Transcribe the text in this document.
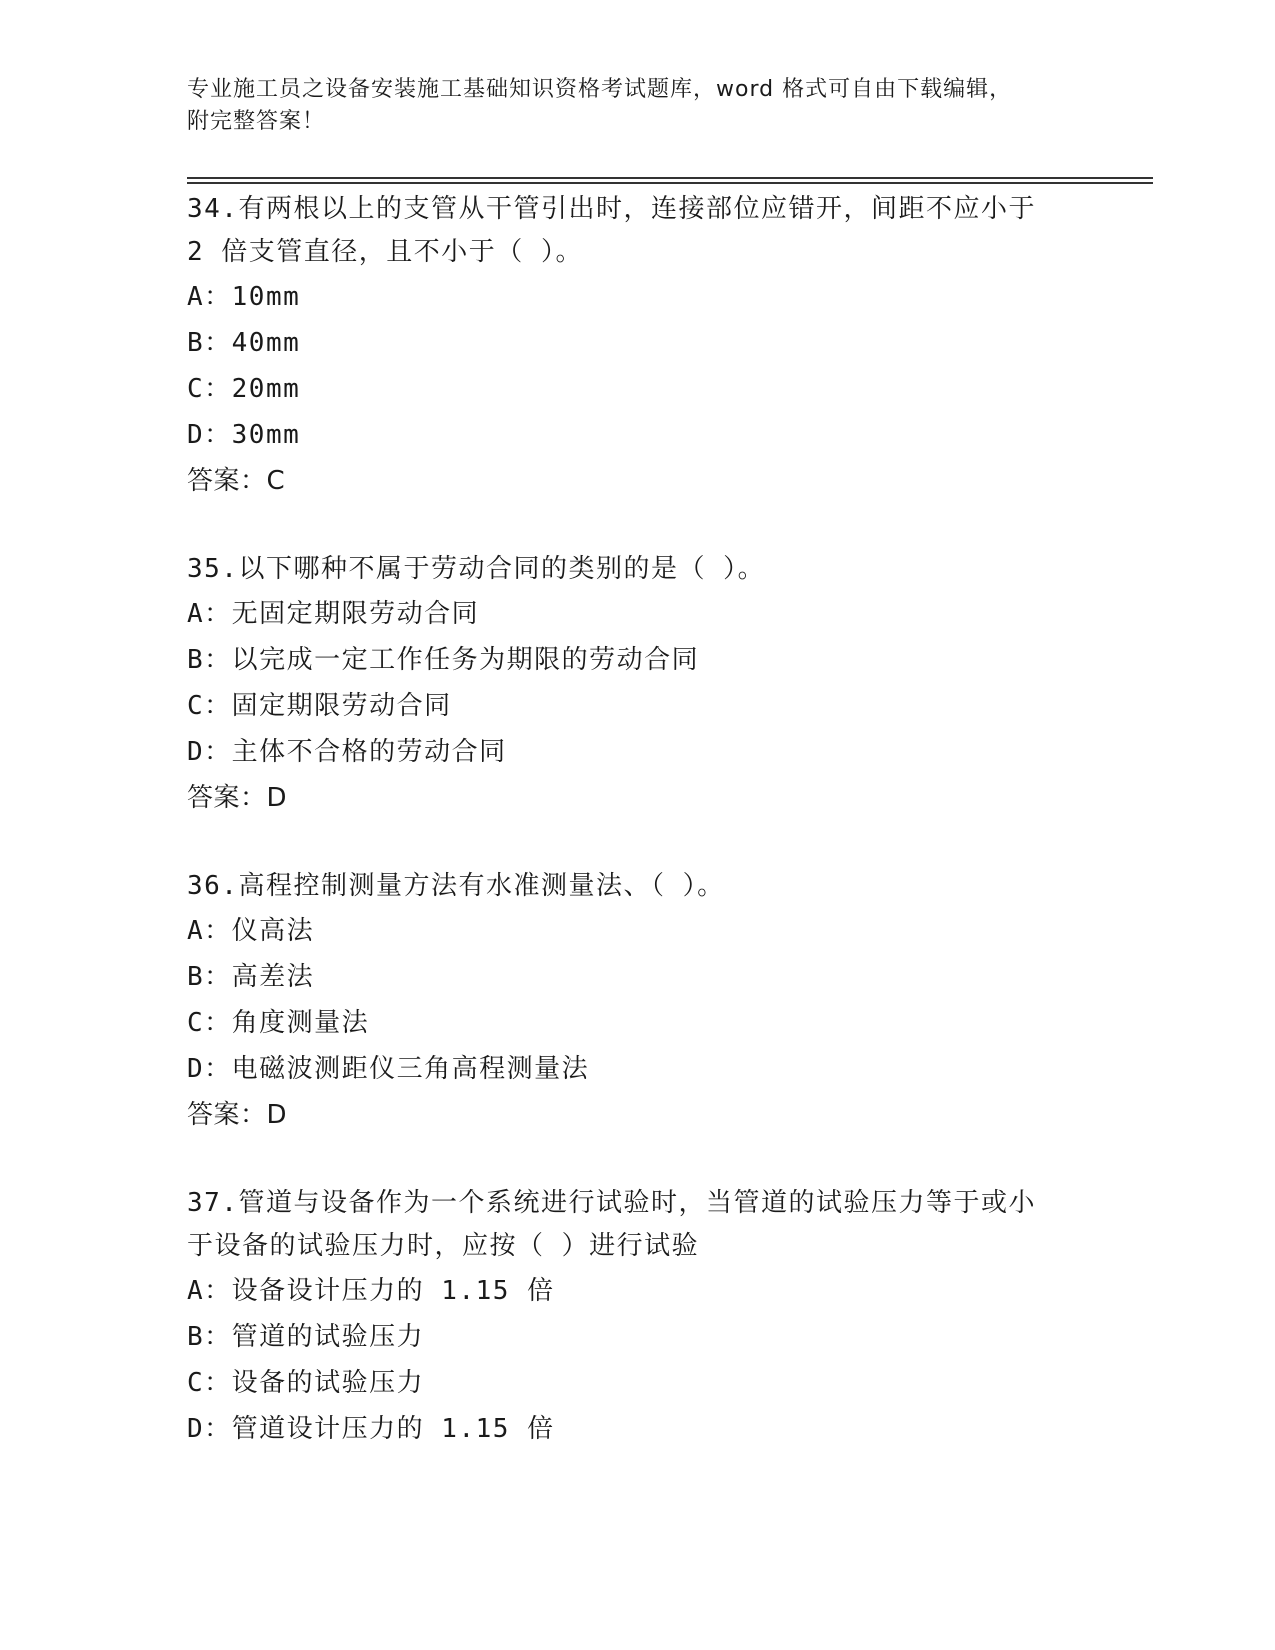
专业施工员之设备安装施工基础知识资格考试题库，word 格式可自由下载编辑，
附完整答案！
34.有两根以上的支管从干管引出时，连接部位应错开，间距不应小于
2 倍支管直径，且不小于（ ）。
A：10mm
B：40mm
C：20mm
D：30mm
答案：C
35.以下哪种不属于劳动合同的类别的是（ ）。
A：无固定期限劳动合同
B：以完成一定工作任务为期限的劳动合同
C：固定期限劳动合同
D：主体不合格的劳动合同
答案：D
36.高程控制测量方法有水准测量法、（ ）。
A：仪高法
B：高差法
C：角度测量法
D：电磁波测距仪三角高程测量法
答案：D
37.管道与设备作为一个系统进行试验时，当管道的试验压力等于或小
于设备的试验压力时，应按（ ）进行试验
A：设备设计压力的 1.15 倍
B：管道的试验压力
C：设备的试验压力
D：管道设计压力的 1.15 倍
